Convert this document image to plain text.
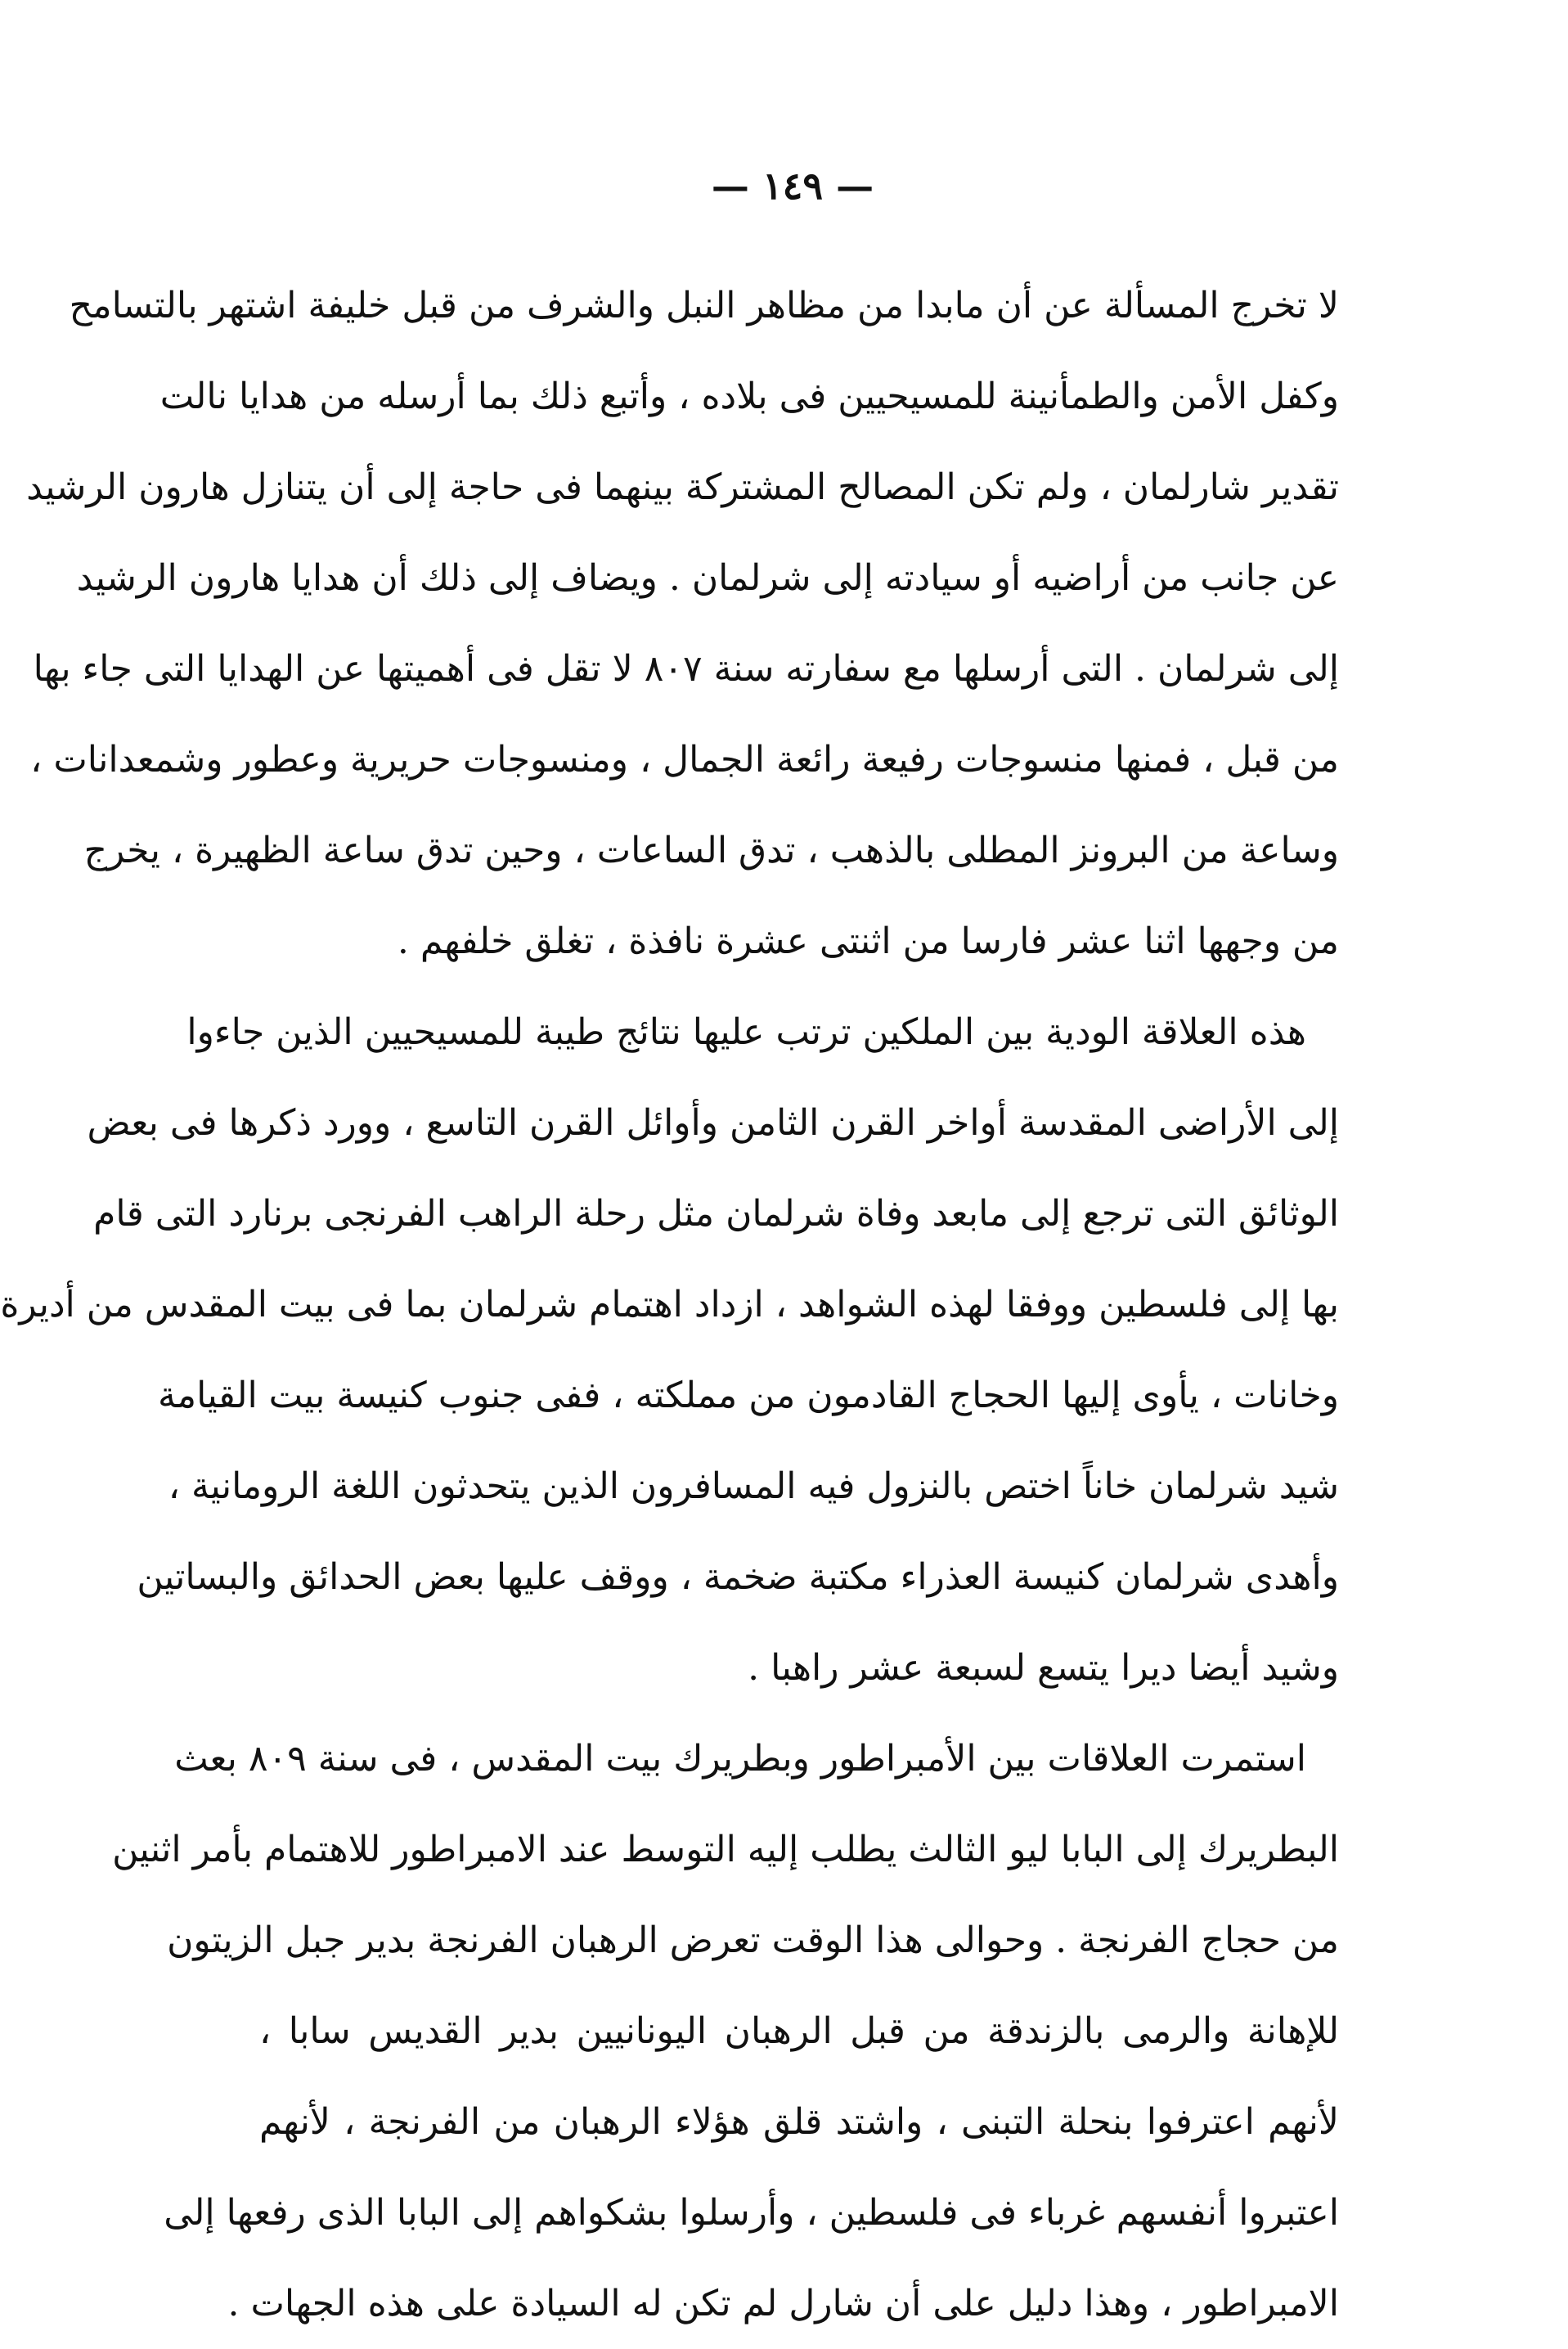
— ١٤٩ —
لا تخرج المسألة عن أن مابدا من مظاهر النبل والشرف من قبل خليفة اشتهر بالتسامح
وكفل الأمن والطمأنينة للمسيحيين فى بلاده ، وأتبع ذلك بما أرسله من هدايا نالت
تقدير شارلمان ، ولم تكن المصالح المشتركة بينهما فى حاجة إلى أن يتنازل هارون الرشيد
عن جانب من أراضيه أو سيادته إلى شرلمان . ويضاف إلى ذلك أن هدايا هارون الرشيد
إلى شرلمان . التى أرسلها مع سفارته سنة ٨٠٧ لا تقل فى أهميتها عن الهدايا التى جاء بها
من قبل ، فمنها منسوجات رفيعة رائعة الجمال ، ومنسوجات حريرية وعطور وشمعدانات ،
وساعة من البرونز المطلى بالذهب ، تدق الساعات ، وحين تدق ساعة الظهيرة ، يخرج
من وجهها اثنا عشر فارسا من اثنتى عشرة نافذة ، تغلق خلفهم .
هذه العلاقة الودية بين الملكين ترتب عليها نتائج طيبة للمسيحيين الذين جاءوا
إلى الأراضى المقدسة أواخر القرن الثامن وأوائل القرن التاسع ، وورد ذكرها فى بعض
الوثائق التى ترجع إلى مابعد وفاة شرلمان مثل رحلة الراهب الفرنجى برنارد التى قام
بها إلى فلسطين ووفقا لهذه الشواهد ، ازداد اهتمام شرلمان بما فى بيت المقدس من أديرة
وخانات ، يأوى إليها الحجاج القادمون من مملكته ، ففى جنوب كنيسة بيت القيامة
شيد شرلمان خاناً اختص بالنزول فيه المسافرون الذين يتحدثون اللغة الرومانية ،
وأهدى شرلمان كنيسة العذراء مكتبة ضخمة ، ووقف عليها بعض الحدائق والبساتين
وشيد أيضا ديرا يتسع لسبعة عشر راهبا .
استمرت العلاقات بين الأمبراطور وبطريرك بيت المقدس ، فى سنة ٨٠٩ بعث
البطريرك إلى البابا ليو الثالث يطلب إليه التوسط عند الامبراطور للاهتمام بأمر اثنين
من حجاج الفرنجة . وحوالى هذا الوقت تعرض الرهبان الفرنجة بدير جبل الزيتون
للإهانة والرمى بالزندقة من قبل الرهبان اليونانيين بدير القديس سابا ،
لأنهم اعترفوا بنحلة التبنى ، واشتد قلق هؤلاء الرهبان من الفرنجة ، لأنهم
اعتبروا أنفسهم غرباء فى فلسطين ، وأرسلوا بشكواهم إلى البابا الذى رفعها إلى
الامبراطور ، وهذا دليل على أن شارل لم تكن له السيادة على هذه الجهات .
